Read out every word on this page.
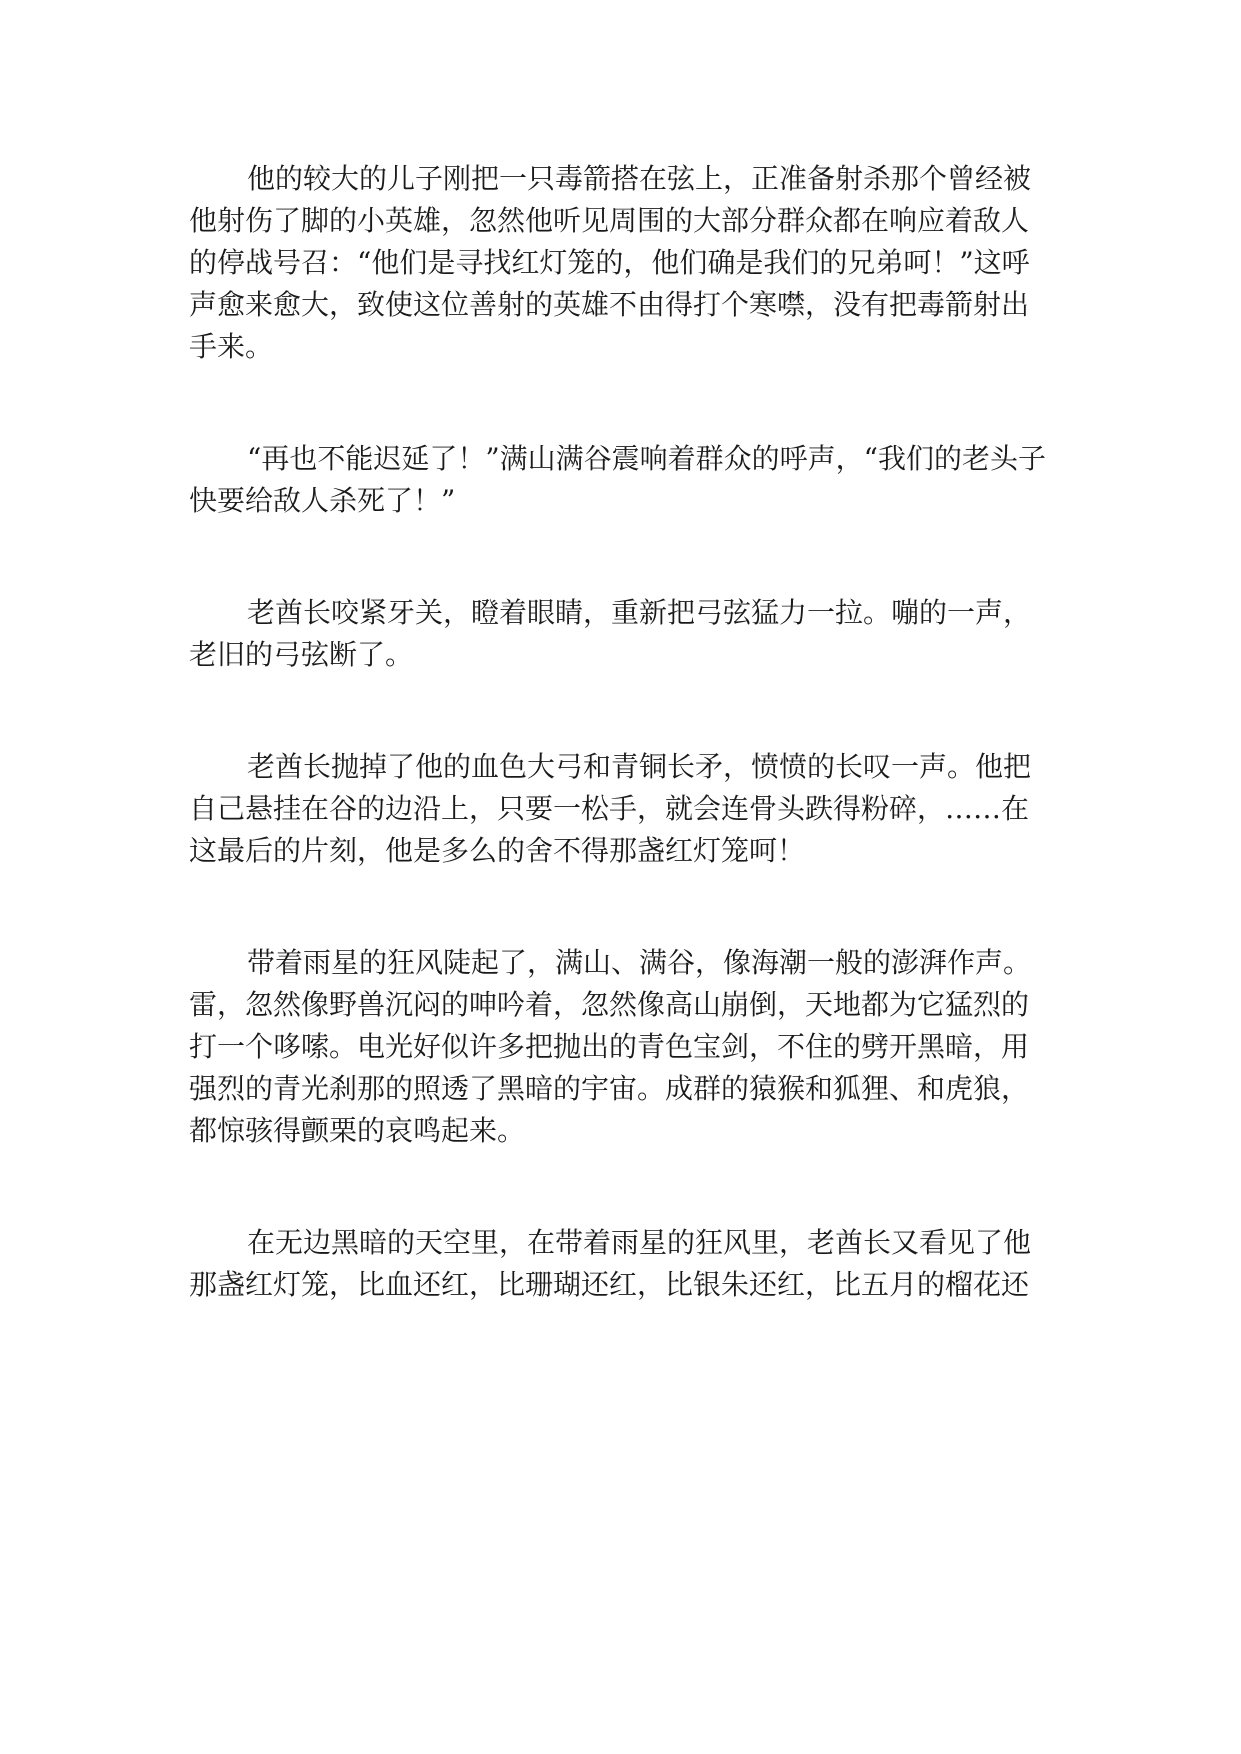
他的较大的儿子刚把一只毒箭搭在弦上，正准备射杀那个曾经被
他射伤了脚的小英雄，忽然他听见周围的大部分群众都在响应着敌人
的停战号召：“他们是寻找红灯笼的，他们确是我们的兄弟呵！”这呼
声愈来愈大，致使这位善射的英雄不由得打个寒噤，没有把毒箭射出
手来。
“再也不能迟延了！”满山满谷震响着群众的呼声，“我们的老头子
快要给敌人杀死了！”
老酋长咬紧牙关，瞪着眼睛，重新把弓弦猛力一拉。嘣的一声，
老旧的弓弦断了。
老酋长抛掉了他的血色大弓和青铜长矛，愤愤的长叹一声。他把
自己悬挂在谷的边沿上，只要一松手，就会连骨头跌得粉碎，……在
这最后的片刻，他是多么的舍不得那盏红灯笼呵！
带着雨星的狂风陡起了，满山、满谷，像海潮一般的澎湃作声。
雷，忽然像野兽沉闷的呻吟着，忽然像高山崩倒，天地都为它猛烈的
打一个哆嗦。电光好似许多把抛出的青色宝剑，不住的劈开黑暗，用
强烈的青光刹那的照透了黑暗的宇宙。成群的猿猴和狐狸、和虎狼，
都惊骇得颤栗的哀鸣起来。
在无边黑暗的天空里，在带着雨星的狂风里，老酋长又看见了他
那盏红灯笼，比血还红，比珊瑚还红，比银朱还红，比五月的榴花还
